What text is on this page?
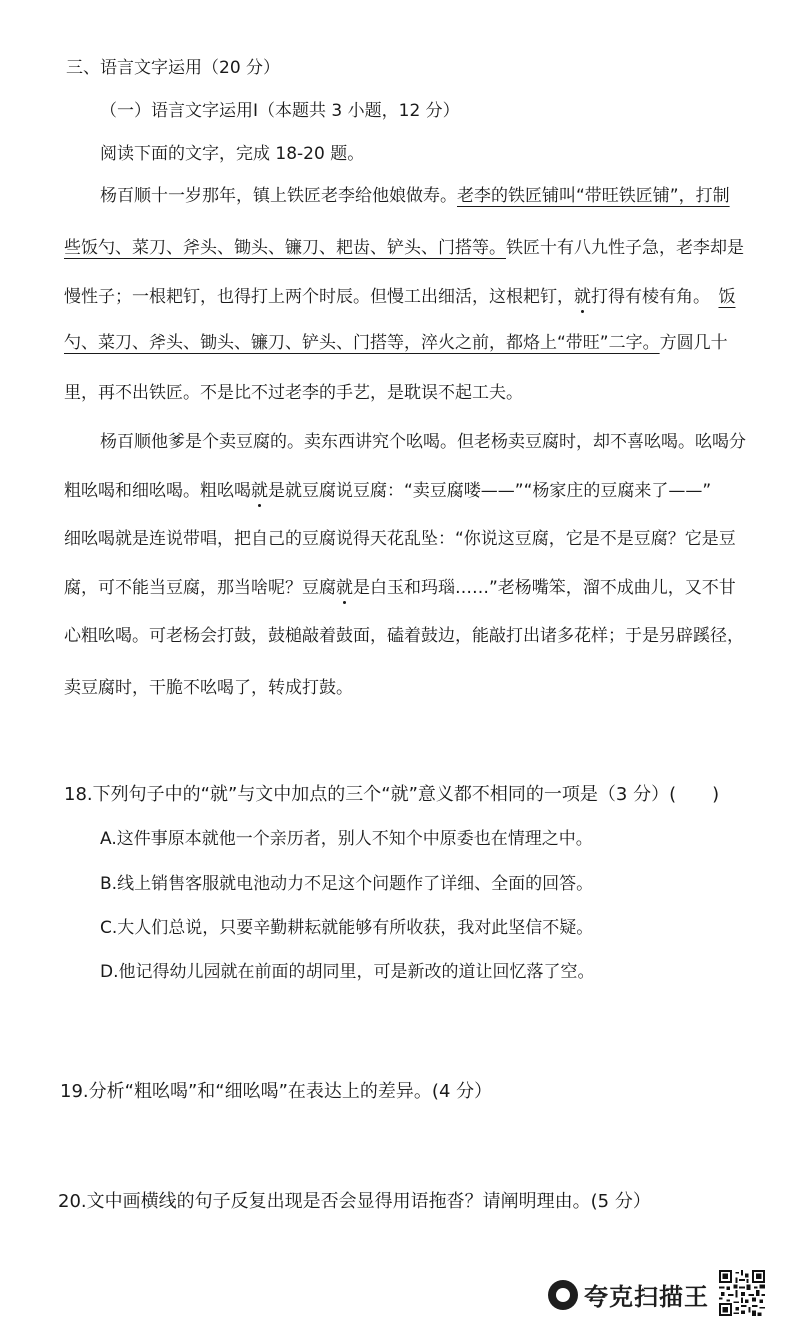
三、语言文字运用（20 分）
（一）语言文字运用Ⅰ（本题共 3 小题，12 分）
阅读下面的文字，完成 18-20 题。
杨百顺十一岁那年，镇上铁匠老李给他娘做寿。老李的铁匠铺叫“带旺铁匠铺”，打制
些饭勺、菜刀、斧头、锄头、镰刀、耙齿、铲头、门搭等。铁匠十有八九性子急，老李却是
慢性子；一根耙钉，也得打上两个时辰。但慢工出细活，这根耙钉，就打得有棱有角。　 饭
勺、菜刀、斧头、锄头、镰刀、铲头、门搭等，淬火之前，都烙上“带旺”二字。方圆几十
里，再不出铁匠。不是比不过老李的手艺，是耽误不起工夫。
杨百顺他爹是个卖豆腐的。卖东西讲究个吆喝。但老杨卖豆腐时，却不喜吆喝。吆喝分
粗吆喝和细吆喝。粗吆喝就是就豆腐说豆腐：“卖豆腐喽——”“杨家庄的豆腐来了——”
细吆喝就是连说带唱，把自己的豆腐说得天花乱坠：“你说这豆腐，它是不是豆腐？它是豆
腐，可不能当豆腐，那当啥呢？豆腐就是白玉和玛瑙……”老杨嘴笨，溜不成曲儿，又不甘
心粗吆喝。可老杨会打鼓，鼓槌敲着鼓面，磕着鼓边，能敲打出诸多花样；于是另辟蹊径，
卖豆腐时，干脆不吆喝了，转成打鼓。
18.下列句子中的“就”与文中加点的三个“就”意义都不相同的一项是（3 分）(　　)
A.这件事原本就他一个亲历者，别人不知个中原委也在情理之中。
B.线上销售客服就电池动力不足这个问题作了详细、全面的回答。
C.大人们总说，只要辛勤耕耘就能够有所收获，我对此坚信不疑。
D.他记得幼儿园就在前面的胡同里，可是新改的道让回忆落了空。
19.分析“粗吆喝”和“细吆喝”在表达上的差异。(4 分）
20.文中画横线的句子反复出现是否会显得用语拖沓？请阐明理由。(5 分）
夸克扫描王
